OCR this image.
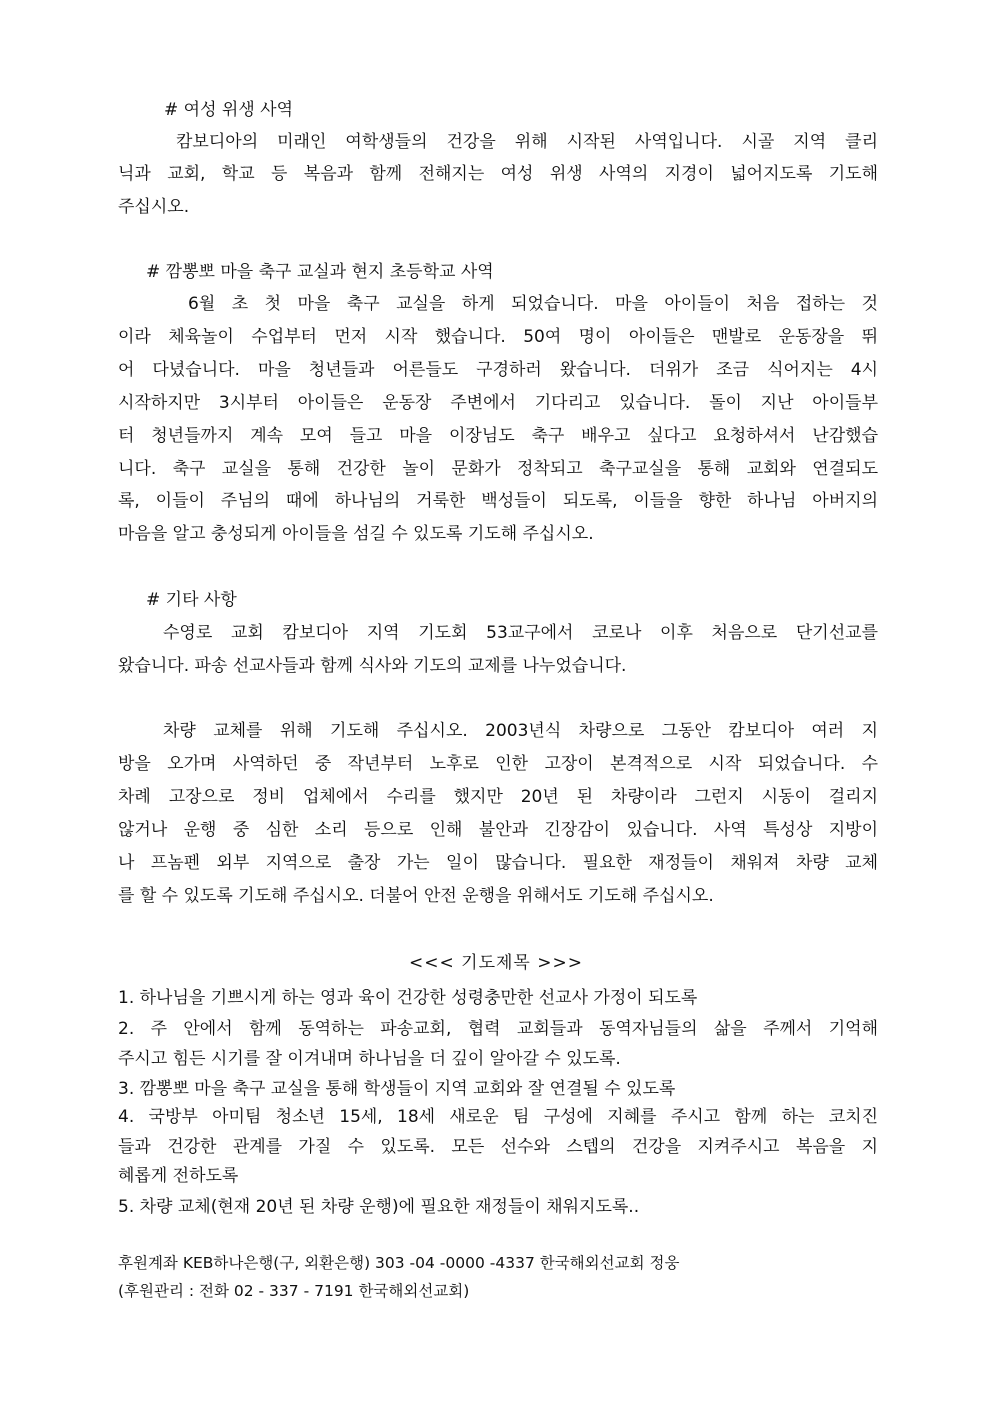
# 여성 위생 사역
캄보디아의 미래인 여학생들의 건강을 위해 시작된 사역입니다. 시골 지역 클리
닉과 교회, 학교 등 복음과 함께 전해지는 여성 위생 사역의 지경이 넓어지도록 기도해
주십시오.
# 깜뽕뽀 마을 축구 교실과 현지 초등학교 사역
6월 초 첫 마을 축구 교실을 하게 되었습니다. 마을 아이들이 처음 접하는 것
이라 체육놀이 수업부터 먼저 시작 했습니다. 50여 명이 아이들은 맨발로 운동장을 뛰
어 다녔습니다. 마을 청년들과 어른들도 구경하러 왔습니다. 더위가 조금 식어지는 4시
시작하지만 3시부터 아이들은 운동장 주변에서 기다리고 있습니다. 돌이 지난 아이들부
터 청년들까지 계속 모여 들고 마을 이장님도 축구 배우고 싶다고 요청하셔서 난감했습
니다. 축구 교실을 통해 건강한 놀이 문화가 정착되고 축구교실을 통해 교회와 연결되도
록, 이들이 주님의 때에 하나님의 거룩한 백성들이 되도록, 이들을 향한 하나님 아버지의
마음을 알고 충성되게 아이들을 섬길 수 있도록 기도해 주십시오.
# 기타 사항
수영로 교회 캄보디아 지역 기도회 53교구에서 코로나 이후 처음으로 단기선교를
왔습니다. 파송 선교사들과 함께 식사와 기도의 교제를 나누었습니다.
차량 교체를 위해 기도해 주십시오. 2003년식 차량으로 그동안 캄보디아 여러 지
방을 오가며 사역하던 중 작년부터 노후로 인한 고장이 본격적으로 시작 되었습니다. 수
차례 고장으로 정비 업체에서 수리를 했지만 20년 된 차량이라 그런지 시동이 걸리지
않거나 운행 중 심한 소리 등으로 인해 불안과 긴장감이 있습니다. 사역 특성상 지방이
나 프놈펜 외부 지역으로 출장 가는 일이 많습니다. 필요한 재정들이 채워져 차량 교체
를 할 수 있도록 기도해 주십시오. 더불어 안전 운행을 위해서도 기도해 주십시오.
<<< 기도제목 >>>
1. 하나님을 기쁘시게 하는 영과 육이 건강한 성령충만한 선교사 가정이 되도록
2. 주 안에서 함께 동역하는 파송교회, 협력 교회들과 동역자님들의 삶을 주께서 기억해
주시고 힘든 시기를 잘 이겨내며 하나님을 더 깊이 알아갈 수 있도록.
3. 깜뽕뽀 마을 축구 교실을 통해 학생들이 지역 교회와 잘 연결될 수 있도록
4. 국방부 아미팀 청소년 15세, 18세 새로운 팀 구성에 지혜를 주시고 함께 하는 코치진
들과 건강한 관계를 가질 수 있도록. 모든 선수와 스텝의 건강을 지켜주시고 복음을 지
혜롭게 전하도록
5. 차량 교체(현재 20년 된 차량 운행)에 필요한 재정들이 채워지도록..
후원계좌 KEB하나은행(구, 외환은행) 303 -04 -0000 -4337 한국해외선교회 정웅
(후원관리 : 전화 02 - 337 - 7191 한국해외선교회)
